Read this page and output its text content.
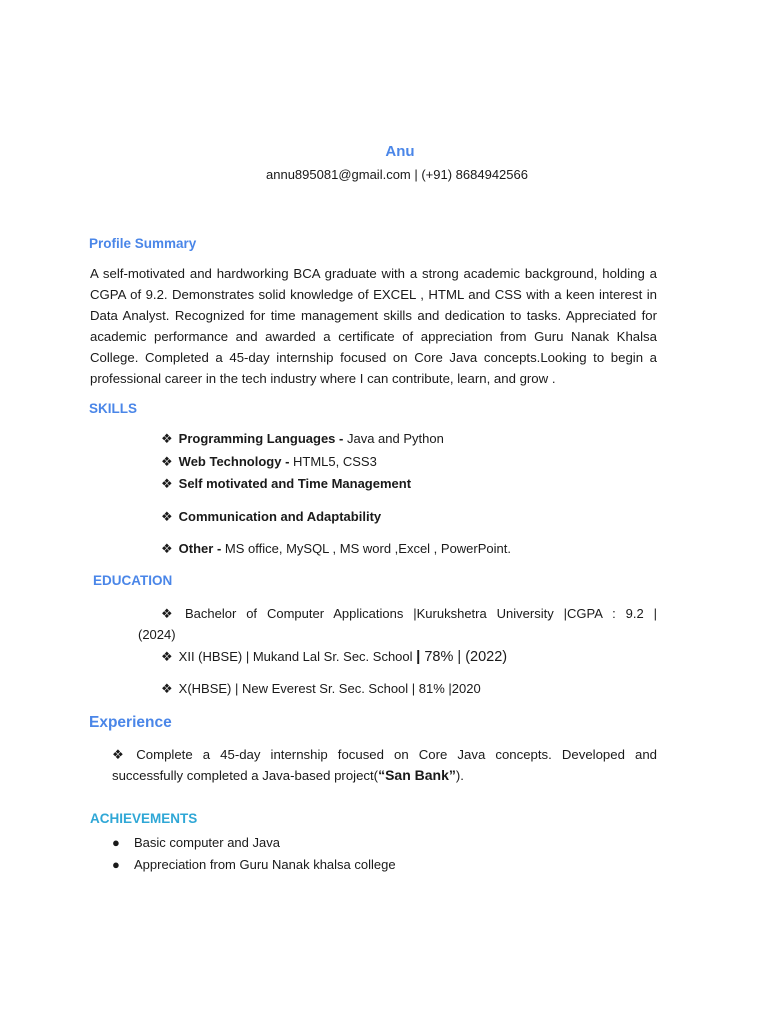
Anu
annu895081@gmail.com | (+91) 8684942566
Profile Summary
A self-motivated and hardworking BCA graduate with a strong academic background, holding a CGPA of 9.2. Demonstrates solid knowledge of EXCEL , HTML and CSS with a keen interest in Data Analyst. Recognized for time management skills and dedication to tasks. Appreciated for academic performance and awarded a certificate of appreciation from Guru Nanak Khalsa College. Completed a 45-day internship focused on Core Java concepts.Looking to begin a professional career in the tech industry where I can contribute, learn, and grow .
SKILLS
❖ Programming Languages - Java and Python
❖ Web Technology - HTML5, CSS3
❖ Self motivated and Time Management
❖ Communication and Adaptability
❖ Other - MS office, MySQL , MS word ,Excel , PowerPoint.
EDUCATION
❖ Bachelor of Computer Applications |Kurukshetra University |CGPA : 9.2 |
(2024)
❖ XII (HBSE) | Mukand Lal Sr. Sec. School | 78% | (2022)
❖ X(HBSE) | New Everest Sr. Sec. School | 81% |2020
Experience
❖ Complete a 45-day internship focused on Core Java concepts. Developed and successfully completed a Java-based project(“San Bank”).
ACHIEVEMENTS
● Basic computer and Java
● Appreciation from Guru Nanak khalsa college
